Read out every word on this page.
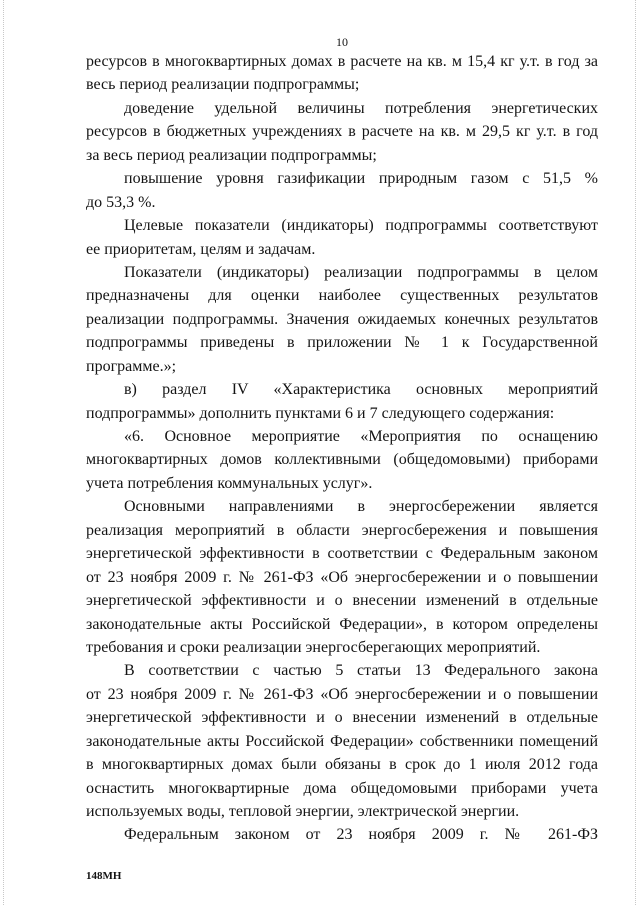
10
ресурсов в многоквартирных домах в расчете на кв. м 15,4 кг у.т. в год за
весь период реализации подпрограммы;
доведение удельной величины потребления энергетических
ресурсов в бюджетных учреждениях в расчете на кв. м 29,5 кг у.т. в год
за весь период реализации подпрограммы;
повышение уровня газификации природным газом с 51,5 %
до 53,3 %.
Целевые показатели (индикаторы) подпрограммы соответствуют
ее приоритетам, целям и задачам.
Показатели (индикаторы) реализации подпрограммы в целом
предназначены для оценки наиболее существенных результатов
реализации подпрограммы. Значения ожидаемых конечных результатов
подпрограммы приведены в приложении № 1 к Государственной
программе.»;
в) раздел IV «Характеристика основных мероприятий
подпрограммы» дополнить пунктами 6 и 7 следующего содержания:
«6. Основное мероприятие «Мероприятия по оснащению
многоквартирных домов коллективными (общедомовыми) приборами
учета потребления коммунальных услуг».
Основными направлениями в энергосбережении является
реализация мероприятий в области энергосбережения и повышения
энергетической эффективности в соответствии с Федеральным законом
от 23 ноября 2009 г. № 261-ФЗ «Об энергосбережении и о повышении
энергетической эффективности и о внесении изменений в отдельные
законодательные акты Российской Федерации», в котором определены
требования и сроки реализации энергосберегающих мероприятий.
В соответствии с частью 5 статьи 13 Федерального закона
от 23 ноября 2009 г. № 261-ФЗ «Об энергосбережении и о повышении
энергетической эффективности и о внесении изменений в отдельные
законодательные акты Российской Федерации» собственники помещений
в многоквартирных домах были обязаны в срок до 1 июля 2012 года
оснастить многоквартирные дома общедомовыми приборами учета
используемых воды, тепловой энергии, электрической энергии.
Федеральным законом от 23 ноября 2009 г. № 261-ФЗ
148МН
